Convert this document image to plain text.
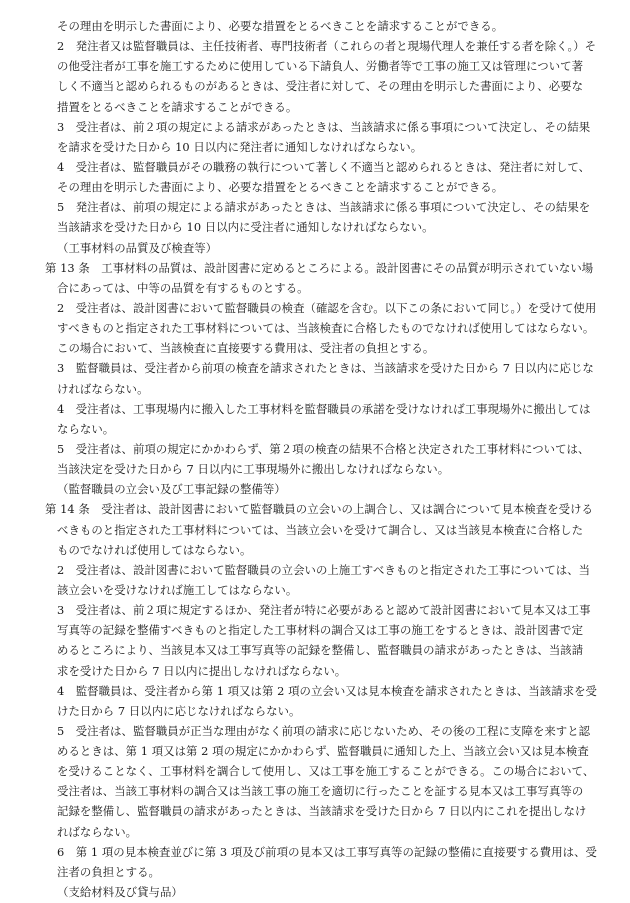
その理由を明示した書面により、必要な措置をとるべきことを請求することができる。
2　発注者又は監督職員は、主任技術者、専門技術者（これらの者と現場代理人を兼任する者を除く。）そ
の他受注者が工事を施工するために使用している下請負人、労働者等で工事の施工又は管理について著
しく不適当と認められるものがあるときは、受注者に対して、その理由を明示した書面により、必要な
措置をとるべきことを請求することができる。
3　受注者は、前２項の規定による請求があったときは、当該請求に係る事項について決定し、その結果
を請求を受けた日から 10 日以内に発注者に通知しなければならない。
4　受注者は、監督職員がその職務の執行について著しく不適当と認められるときは、発注者に対して、
その理由を明示した書面により、必要な措置をとるべきことを請求することができる。
5　発注者は、前項の規定による請求があったときは、当該請求に係る事項について決定し、その結果を
当該請求を受けた日から 10 日以内に受注者に通知しなければならない。
（工事材料の品質及び検査等）
第 13 条　工事材料の品質は、設計図書に定めるところによる。設計図書にその品質が明示されていない場
合にあっては、中等の品質を有するものとする。
2　受注者は、設計図書において監督職員の検査（確認を含む。以下この条において同じ。）を受けて使用
すべきものと指定された工事材料については、当該検査に合格したものでなければ使用してはならない。
この場合において、当該検査に直接要する費用は、受注者の負担とする。
3　監督職員は、受注者から前項の検査を請求されたときは、当該請求を受けた日から 7 日以内に応じな
ければならない。
4　受注者は、工事現場内に搬入した工事材料を監督職員の承諾を受けなければ工事現場外に搬出しては
ならない。
5　受注者は、前項の規定にかかわらず、第２項の検査の結果不合格と決定された工事材料については、
当該決定を受けた日から 7 日以内に工事現場外に搬出しなければならない。
（監督職員の立会い及び工事記録の整備等）
第 14 条　受注者は、設計図書において監督職員の立会いの上調合し、又は調合について見本検査を受ける
べきものと指定された工事材料については、当該立会いを受けて調合し、又は当該見本検査に合格した
ものでなければ使用してはならない。
2　受注者は、設計図書において監督職員の立会いの上施工すべきものと指定された工事については、当
該立会いを受けなければ施工してはならない。
3　受注者は、前２項に規定するほか、発注者が特に必要があると認めて設計図書において見本又は工事
写真等の記録を整備すべきものと指定した工事材料の調合又は工事の施工をするときは、設計図書で定
めるところにより、当該見本又は工事写真等の記録を整備し、監督職員の請求があったときは、当該請
求を受けた日から 7 日以内に提出しなければならない。
4　監督職員は、受注者から第 1 項又は第 2 項の立会い又は見本検査を請求されたときは、当該請求を受
けた日から 7 日以内に応じなければならない。
5　受注者は、監督職員が正当な理由がなく前項の請求に応じないため、その後の工程に支障を来すと認
めるときは、第 1 項又は第 2 項の規定にかかわらず、監督職員に通知した上、当該立会い又は見本検査
を受けることなく、工事材料を調合して使用し、又は工事を施工することができる。この場合において、
受注者は、当該工事材料の調合又は当該工事の施工を適切に行ったことを証する見本又は工事写真等の
記録を整備し、監督職員の請求があったときは、当該請求を受けた日から 7 日以内にこれを提出しなけ
ればならない。
6　第 1 項の見本検査並びに第 3 項及び前項の見本又は工事写真等の記録の整備に直接要する費用は、受
注者の負担とする。
（支給材料及び貸与品）
